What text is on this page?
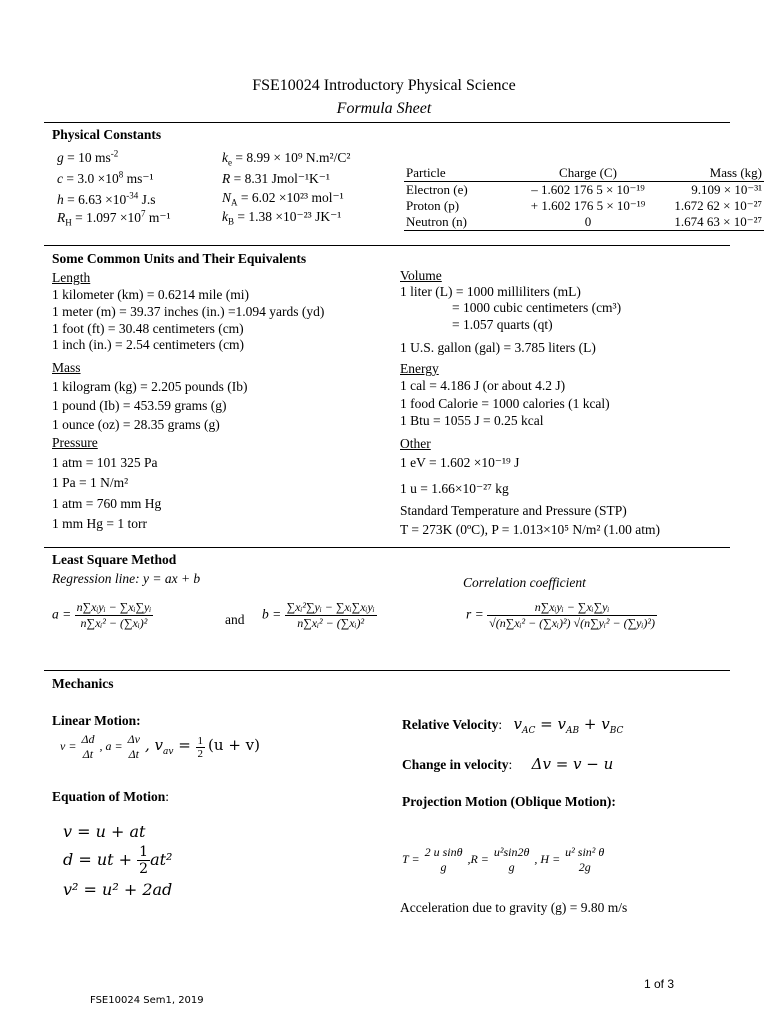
FSE10024 Introductory Physical Science
Formula Sheet
Physical Constants
g = 10 $ms^{-2}$
$c = 3.0 \times 10^8$ ms⁻¹
$h = 6.63 \times 10^{-34}$ J.s
$R_H = 1.097 \times 10^7$ m⁻¹
$k_e = 8.99 \times 10^9$ N.m²/C²
R = 8.31 Jmol⁻¹K⁻¹
$N_A = 6.02 \times 10^{23}$ mol⁻¹
$k_B = 1.38 \times 10^{-23}$ JK⁻¹
Particle	Charge (C)	Mass (kg)
Electron (e)	– 1.602 176 5 × 10⁻¹⁹	9.109 × 10⁻³¹
Proton (p)	+ 1.602 176 5 × 10⁻¹⁹	1.672 62 × 10⁻²⁷
Neutron (n)	0	1.674 63 × 10⁻²⁷
Some Common Units and Their Equivalents
Length
1 kilometer (km) = 0.6214 mile (mi)
1 meter (m) = 39.37 inches (in.) =1.094 yards (yd)
1 foot (ft) = 30.48 centimeters (cm)
1 inch (in.) = 2.54 centimeters (cm)
Mass
1 kilogram (kg) = 2.205 pounds (Ib)
1 pound (Ib) = 453.59 grams (g)
1 ounce (oz) = 28.35 grams (g)
Pressure
1 atm = 101 325 Pa
1 Pa = 1 N/m²
1 atm = 760 mm Hg
1 mm Hg = 1 torr
Volume
1 liter (L) = 1000 milliliters (mL)
= 1000 cubic centimeters (cm³)
= 1.057 quarts (qt)
1 U.S. gallon (gal) = 3.785 liters (L)
Energy
1 cal = 4.186 J (or about 4.2 J)
1 food Calorie = 1000 calories (1 kcal)
1 Btu = 1055 J = 0.25 kcal
Other
1 eV = 1.602 ×10⁻¹⁹ J
1 u = 1.66×10⁻²⁷ kg
Standard Temperature and Pressure (STP)
T = 273K (0ºC), P = 1.013×10⁵ N/m² (1.00 atm)
Least Square Method
Regression line: y = ax + b	Correlation coefficient
$a = \frac{\text{n∑xᵢyᵢ − ∑xᵢ∑yᵢ}}{\text{n∑xᵢ² − (∑xᵢ)²}}$	and $b = \frac{\text{∑xᵢ²∑yᵢ − ∑xᵢ∑xᵢyᵢ}}{\text{n∑xᵢ² − (∑xᵢ)²}}$	$r = \frac{\text{n∑xᵢyᵢ − ∑xᵢ∑yᵢ}}{\text{√(n∑xᵢ² − (∑xᵢ)²) √(n∑yᵢ² − (∑yᵢ)²)}}$
Mechanics
Linear Motion:
v = Δd
Δt
, a = Δv
Δt
, $v_{av} = \frac{1}{2} (u + v)$
Equation of Motion:
v = u + at
d = ut + $\frac{1}{2} at^2$
v² = u² + 2ad
Relative Velocity: $v_{AC} = v_{AB} + v_{BC}$
Change in velocity: Δv = v − u
Projection Motion (Oblique Motion):
T = 2 u sinθ
g
,R = u²sin2θ
g
, H = u² sin² θ
2g
Acceleration due to gravity (g) = 9.80 m/s
1 of 3
FSE10024 Sem1, 2019
